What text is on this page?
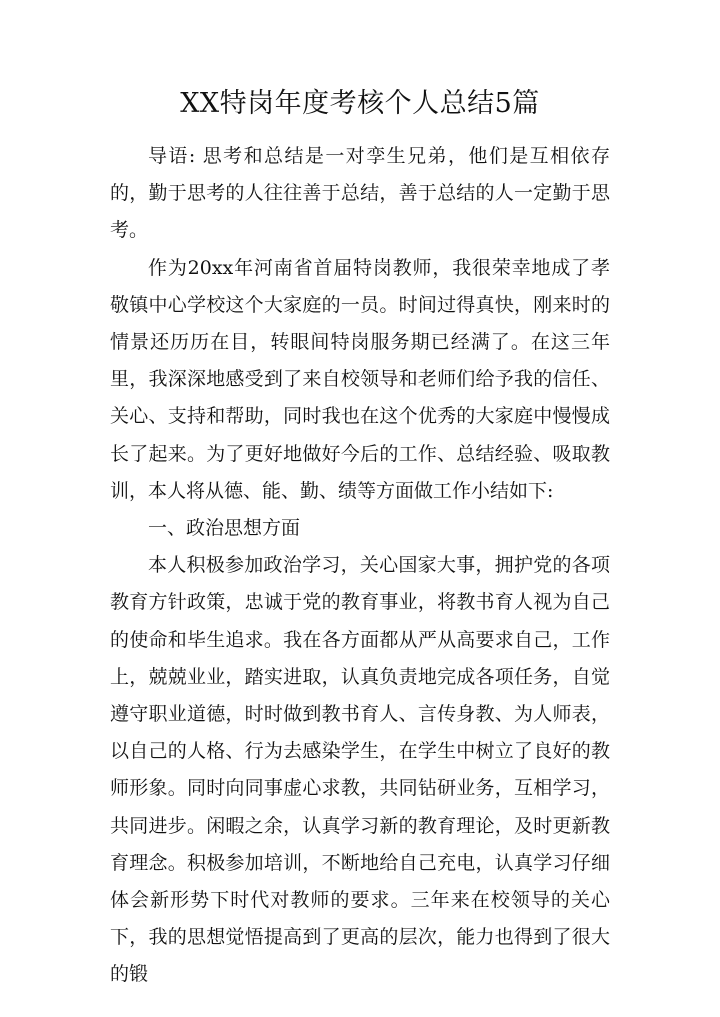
XX特岗年度考核个人总结5篇

导语: 思考和总结是一对孪生兄弟，他们是互相依存的，勤于思考的人往往善于总结，善于总结的人一定勤于思考。

作为20xx年河南省首届特岗教师，我很荣幸地成了孝敬镇中心学校这个大家庭的一员。时间过得真快，刚来时的情景还历历在目，转眼间特岗服务期已经满了。在这三年里，我深深地感受到了来自校领导和老师们给予我的信任、关心、支持和帮助，同时我也在这个优秀的大家庭中慢慢成长了起来。为了更好地做好今后的工作、总结经验、吸取教训，本人将从德、能、勤、绩等方面做工作小结如下:

一、政治思想方面

本人积极参加政治学习，关心国家大事，拥护党的各项教育方针政策，忠诚于党的教育事业，将教书育人视为自己的使命和毕生追求。我在各方面都从严从高要求自己，工作上，兢兢业业，踏实进取，认真负责地完成各项任务，自觉遵守职业道德，时时做到教书育人、言传身教、为人师表，以自己的人格、行为去感染学生，在学生中树立了良好的教师形象。同时向同事虚心求教，共同钻研业务，互相学习，共同进步。闲暇之余，认真学习新的教育理论，及时更新教育理念。积极参加培训，不断地给自己充电，认真学习仔细体会新形势下时代对教师的要求。三年来在校领导的关心下，我的思想觉悟提高到了更高的层次，能力也得到了很大的锻
